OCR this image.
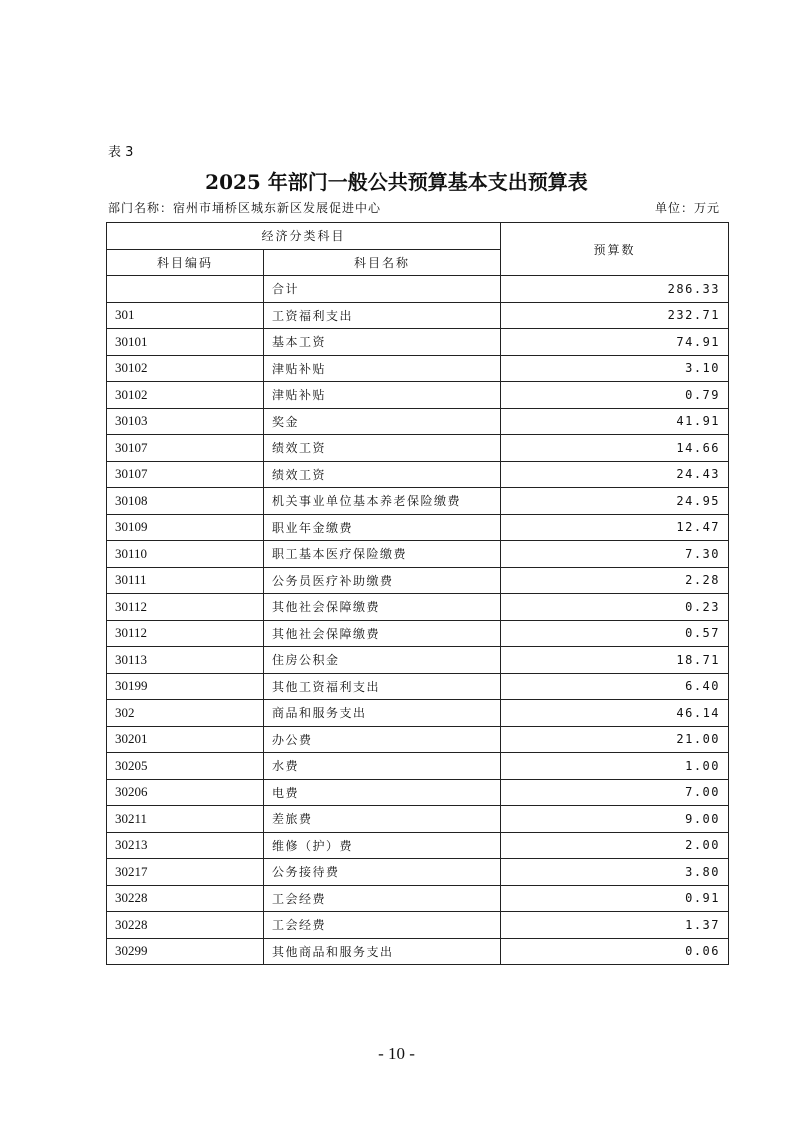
表 3
2025 年部门一般公共预算基本支出预算表
部门名称：宿州市埇桥区城东新区发展促进中心	单位：万元
经济分类科目		预算数
科目编码	科目名称	
	合计	286.33
301	工资福利支出	232.71
30101	基本工资	74.91
30102	津贴补贴	3.10
30102	津贴补贴	0.79
30103	奖金	41.91
30107	绩效工资	14.66
30107	绩效工资	24.43
30108	机关事业单位基本养老保险缴费	24.95
30109	职业年金缴费	12.47
30110	职工基本医疗保险缴费	7.30
30111	公务员医疗补助缴费	2.28
30112	其他社会保障缴费	0.23
30112	其他社会保障缴费	0.57
30113	住房公积金	18.71
30199	其他工资福利支出	6.40
302	商品和服务支出	46.14
30201	办公费	21.00
30205	水费	1.00
30206	电费	7.00
30211	差旅费	9.00
30213	维修（护）费	2.00
30217	公务接待费	3.80
30228	工会经费	0.91
30228	工会经费	1.37
30299	其他商品和服务支出	0.06
- 10 -
